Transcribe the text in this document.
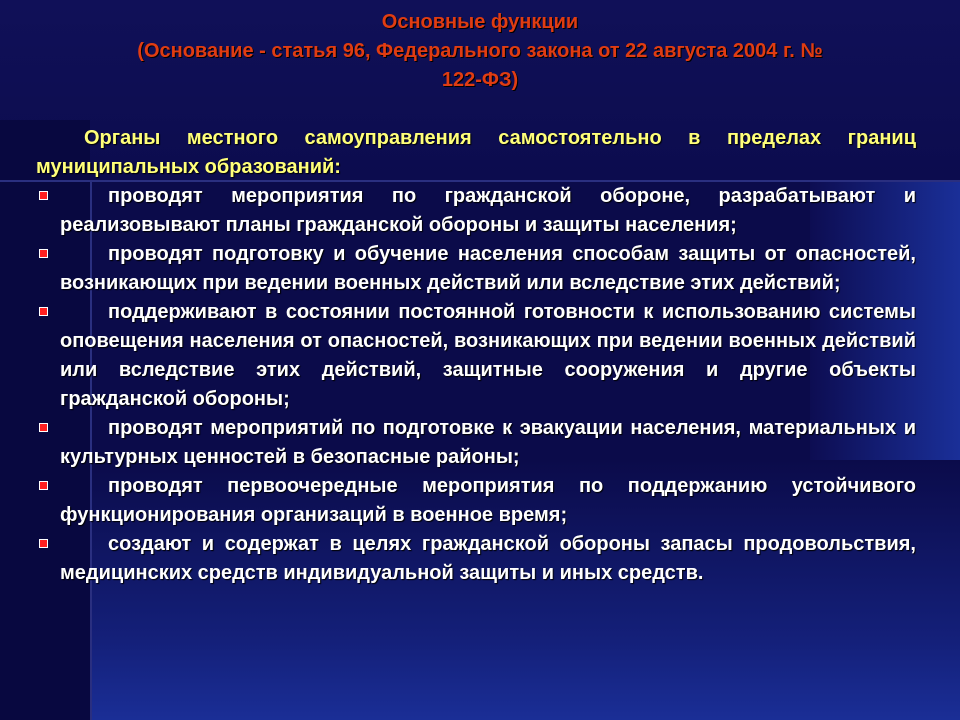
Основные функции
(Основание - статья 96, Федерального закона от 22 августа 2004 г. №
122-ФЗ)

Органы местного самоуправления самостоятельно в пределах границ муниципальных образований:

проводят мероприятия по гражданской обороне, разрабатывают и реализовывают планы гражданской обороны и защиты населения;
проводят подготовку и обучение населения способам защиты от опасностей, возникающих при ведении военных действий или вследствие этих действий;
поддерживают в состоянии постоянной готовности к использованию системы оповещения населения от опасностей, возникающих при ведении военных действий или вследствие этих действий, защитные сооружения и другие объекты гражданской обороны;
проводят мероприятий по подготовке к эвакуации населения, материальных и культурных ценностей в безопасные районы;
проводят первоочередные мероприятия по поддержанию устойчивого функционирования организаций в военное время;
создают и содержат в целях гражданской обороны запасы продовольствия, медицинских средств индивидуальной защиты и иных средств.
